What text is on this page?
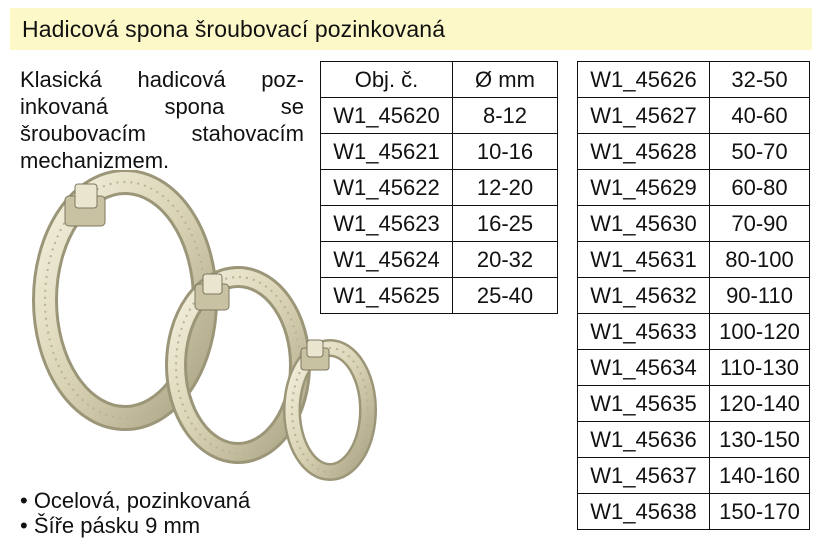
Hadicová spona šroubovací pozinkovaná
Klasická hadicová poz-
inkovaná spona se
šroubovacím stahovacím
mechanizmem.
Obj. č.	Ø mm
W1_45620	8-12
W1_45621	10-16
W1_45622	12-20
W1_45623	16-25
W1_45624	20-32
W1_45625	25-40
W1_45626	32-50
W1_45627	40-60
W1_45628	50-70
W1_45629	60-80
W1_45630	70-90
W1_45631	80-100
W1_45632	90-110
W1_45633	100-120
W1_45634	110-130
W1_45635	120-140
W1_45636	130-150
W1_45637	140-160
W1_45638	150-170
• Ocelová, pozinkovaná
• Šíře pásku 9 mm
